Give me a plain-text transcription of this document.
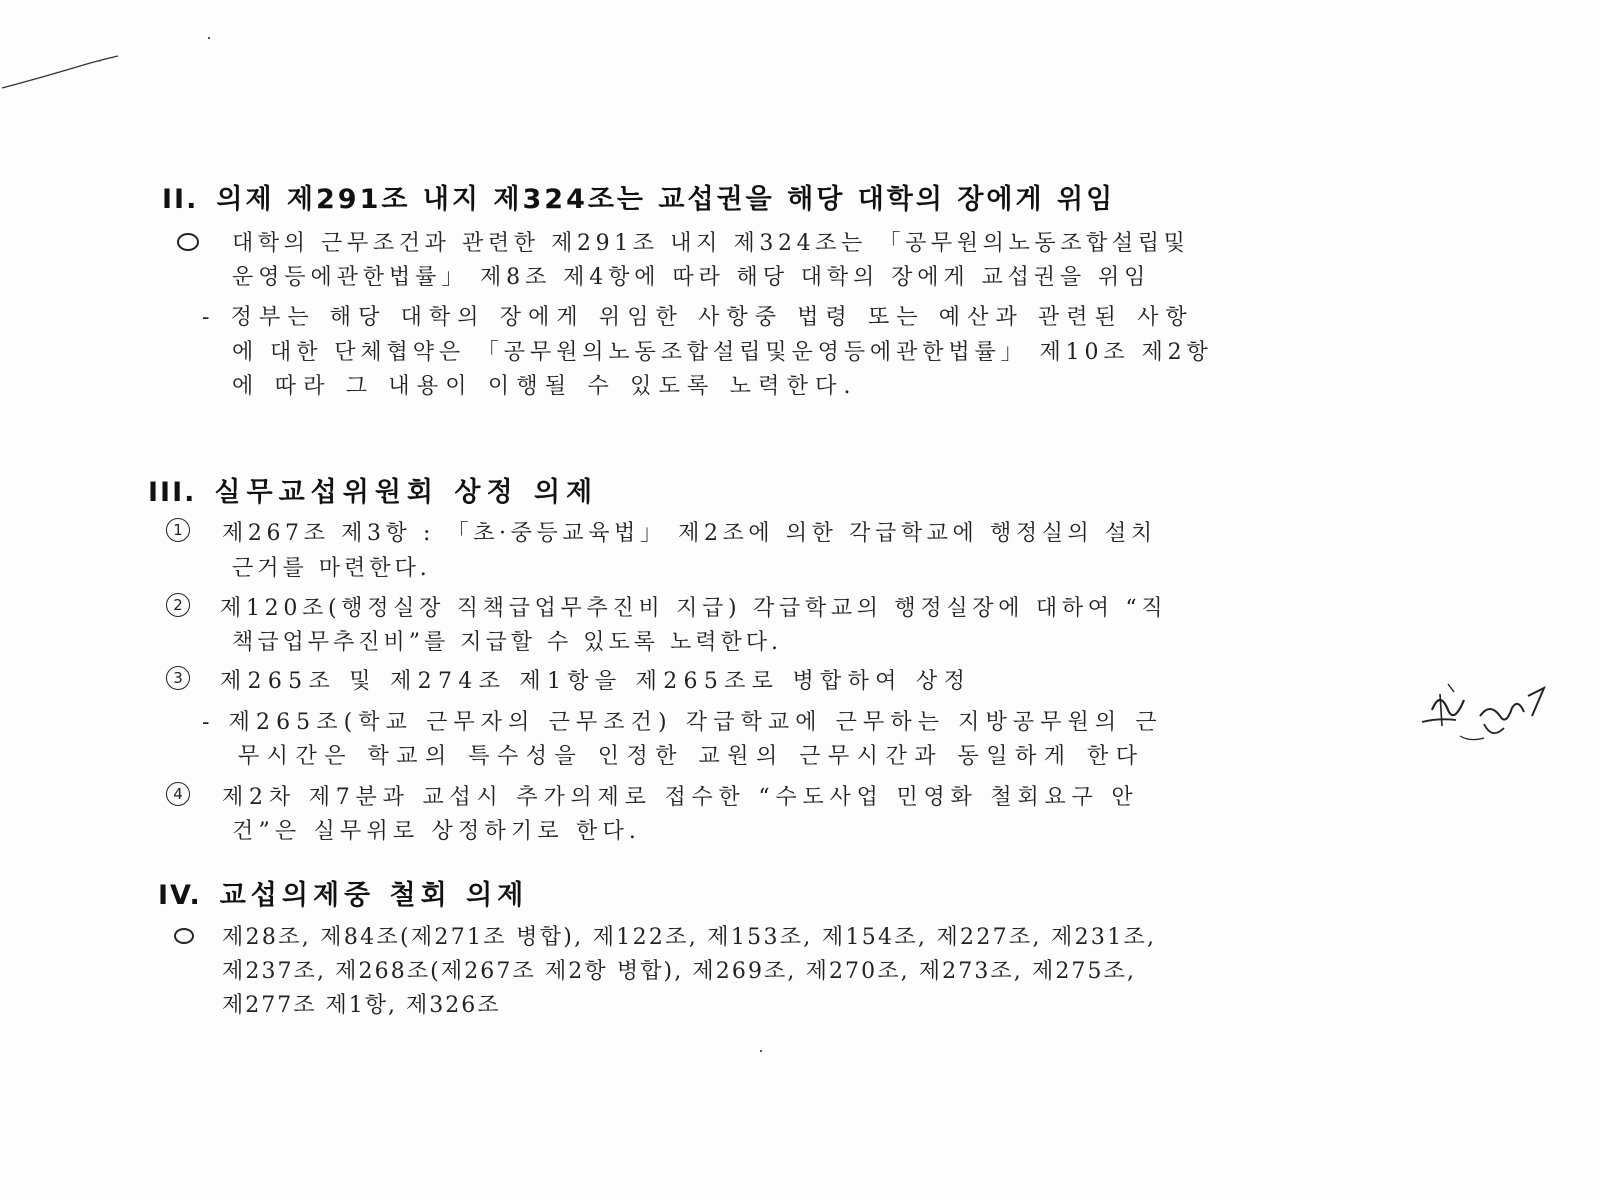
II. 의제 제291조 내지 제324조는 교섭권을 해당 대학의 장에게 위임
대학의 근무조건과 관련한 제291조 내지 제324조는 「공무원의노동조합설립및
운영등에관한법률」 제8조 제4항에 따라 해당 대학의 장에게 교섭권을 위임
- 정부는 해당 대학의 장에게 위임한 사항중 법령 또는 예산과 관련된 사항
에 대한 단체협약은 「공무원의노동조합설립및운영등에관한법률」 제10조 제2항
에 따라 그 내용이 이행될 수 있도록 노력한다.
III. 실무교섭위원회 상정 의제
1	제267조 제3항 : 「초·중등교육법」 제2조에 의한 각급학교에 행정실의 설치
근거를 마련한다.
2	제120조(행정실장 직책급업무추진비 지급) 각급학교의 행정실장에 대하여 “직
책급업무추진비”를 지급할 수 있도록 노력한다.
3	제265조 및 제274조 제1항을 제265조로 병합하여 상정
- 제265조(학교 근무자의 근무조건) 각급학교에 근무하는 지방공무원의 근
무시간은 학교의 특수성을 인정한 교원의 근무시간과 동일하게 한다
4	제2차 제7분과 교섭시 추가의제로 접수한 “수도사업 민영화 철회요구 안
건”은 실무위로 상정하기로 한다.
IV. 교섭의제중 철회 의제
제28조, 제84조(제271조 병합), 제122조, 제153조, 제154조, 제227조, 제231조,
제237조, 제268조(제267조 제2항 병합), 제269조, 제270조, 제273조, 제275조,
제277조 제1항, 제326조
